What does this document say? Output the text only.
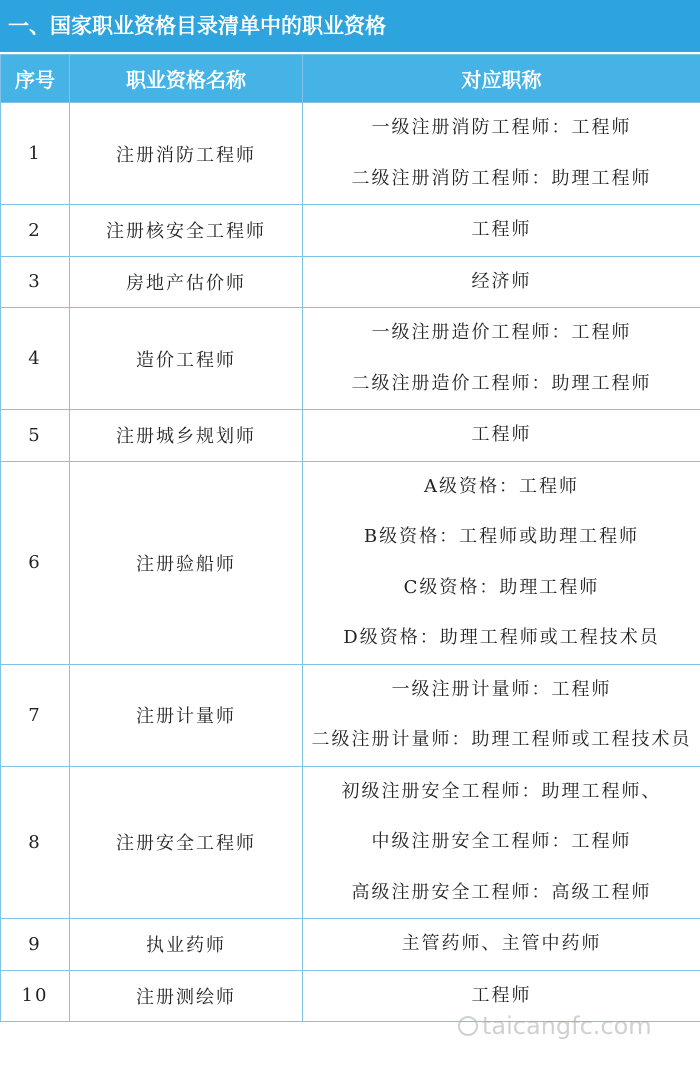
一、国家职业资格目录清单中的职业资格
序号	职业资格名称	对应职称
1	注册消防工程师	一级注册消防工程师：工程师
二级注册消防工程师：助理工程师

2	注册核安全工程师	工程师

3	房地产估价师	经济师

4	造价工程师	一级注册造价工程师：工程师
二级注册造价工程师：助理工程师

5	注册城乡规划师	工程师

6	注册验船师	A级资格：工程师
B级资格：工程师或助理工程师
C级资格：助理工程师
D级资格：助理工程师或工程技术员

7	注册计量师	一级注册计量师：工程师
二级注册计量师：助理工程师或工程技术员

8	注册安全工程师	初级注册安全工程师：助理工程师、
中级注册安全工程师：工程师
高级注册安全工程师：高级工程师

9	执业药师	主管药师、主管中药师

10	注册测绘师	工程师
taicangfc.com
